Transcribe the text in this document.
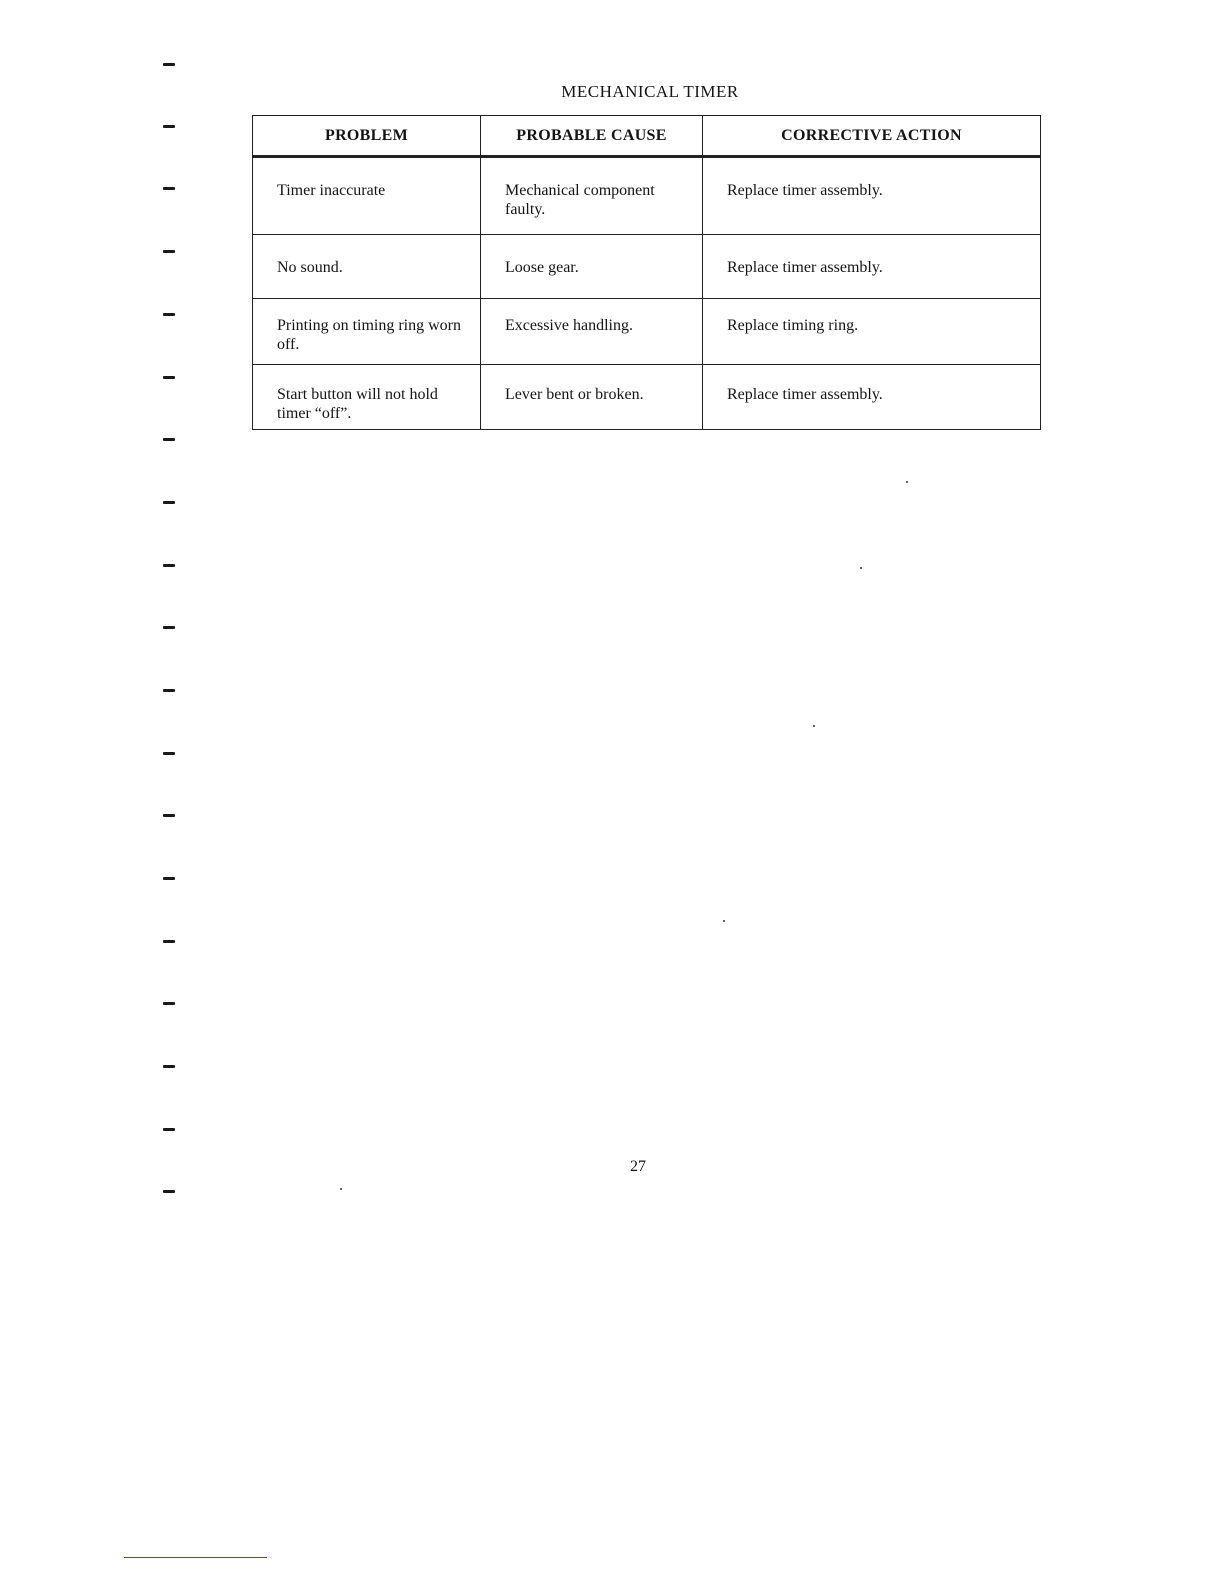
MECHANICAL TIMER
PROBLEM	PROBABLE CAUSE	CORRECTIVE ACTION
Timer inaccurate	Mechanical component faulty.	Replace timer assembly.
No sound.	Loose gear.	Replace timer assembly.
Printing on timing ring worn off.	Excessive handling.	Replace timing ring.
Start button will not hold timer “off”.	Lever bent or broken.	Replace timer assembly.
27
